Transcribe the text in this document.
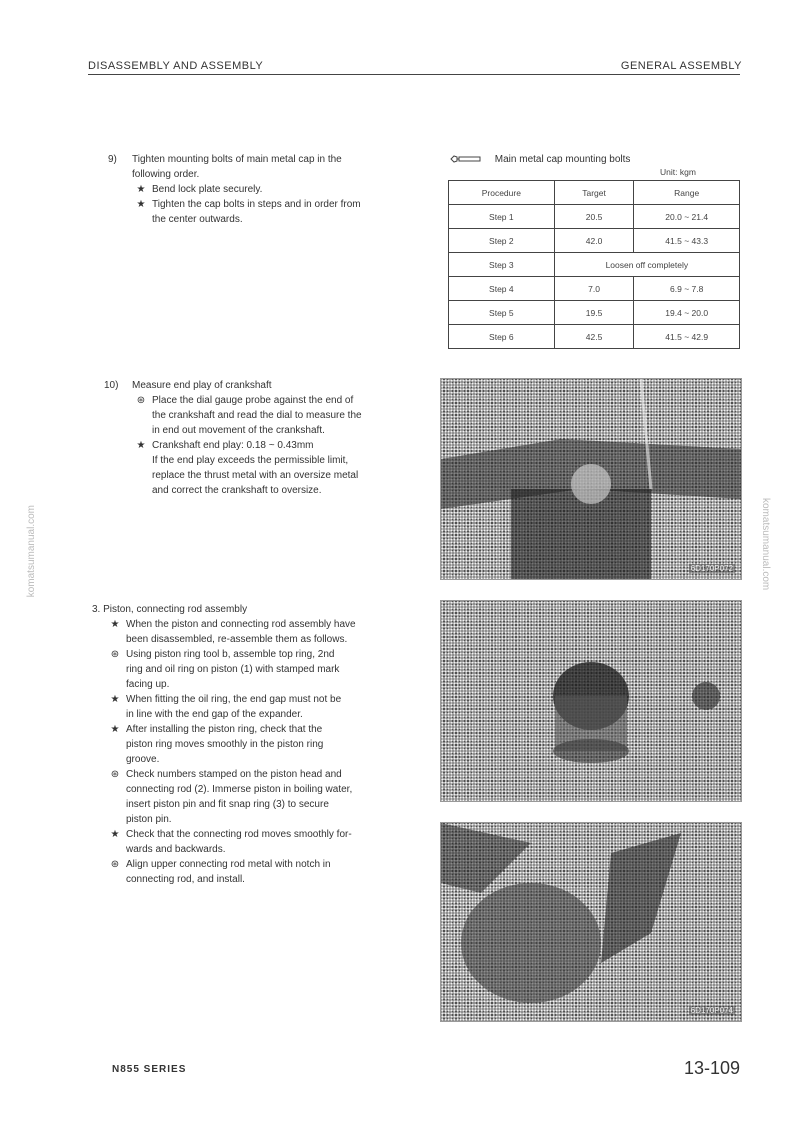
DISASSEMBLY AND ASSEMBLY	GENERAL ASSEMBLY
komatsumanual.com	komatsumanual.com
9) Tighten mounting bolts of main metal cap in the
following order.
★ Bend lock plate securely.
★ Tighten the cap bolts in steps and in order from
the center outwards.
Main metal cap mounting bolts
Unit: kgm
Procedure	Target	Range
Step 1	20.5	20.0 ~ 21.4
Step 2	42.0	41.5 ~ 43.3
Step 3	Loosen off completely	
Step 4	7.0	6.9 ~ 7.8
Step 5	19.5	19.4 ~ 20.0
Step 6	42.5	41.5 ~ 42.9
10) Measure end play of crankshaft
⊛ Place the dial gauge probe against the end of
the crankshaft and read the dial to measure the
in end out movement of the crankshaft.
★ Crankshaft end play: 0.18 ~ 0.43mm
If the end play exceeds the permissible limit,
replace the thrust metal with an oversize metal
and correct the crankshaft to oversize.
3. Piston, connecting rod assembly
★ When the piston and connecting rod assembly have
been disassembled, re-assemble them as follows.
⊛ Using piston ring tool b, assemble top ring, 2nd
ring and oil ring on piston (1) with stamped mark
facing up.
★ When fitting the oil ring, the end gap must not be
in line with the end gap of the expander.
★ After installing the piston ring, check that the
piston ring moves smoothly in the piston ring
groove.
⊛ Check numbers stamped on the piston head and
connecting rod (2). Immerse piston in boiling water,
insert piston pin and fit snap ring (3) to secure
piston pin.
★ Check that the connecting rod moves smoothly for-
wards and backwards.
⊛ Align upper connecting rod metal with notch in
connecting rod, and install.
6D170P072
6D170P074
N855 SERIES	13-109
